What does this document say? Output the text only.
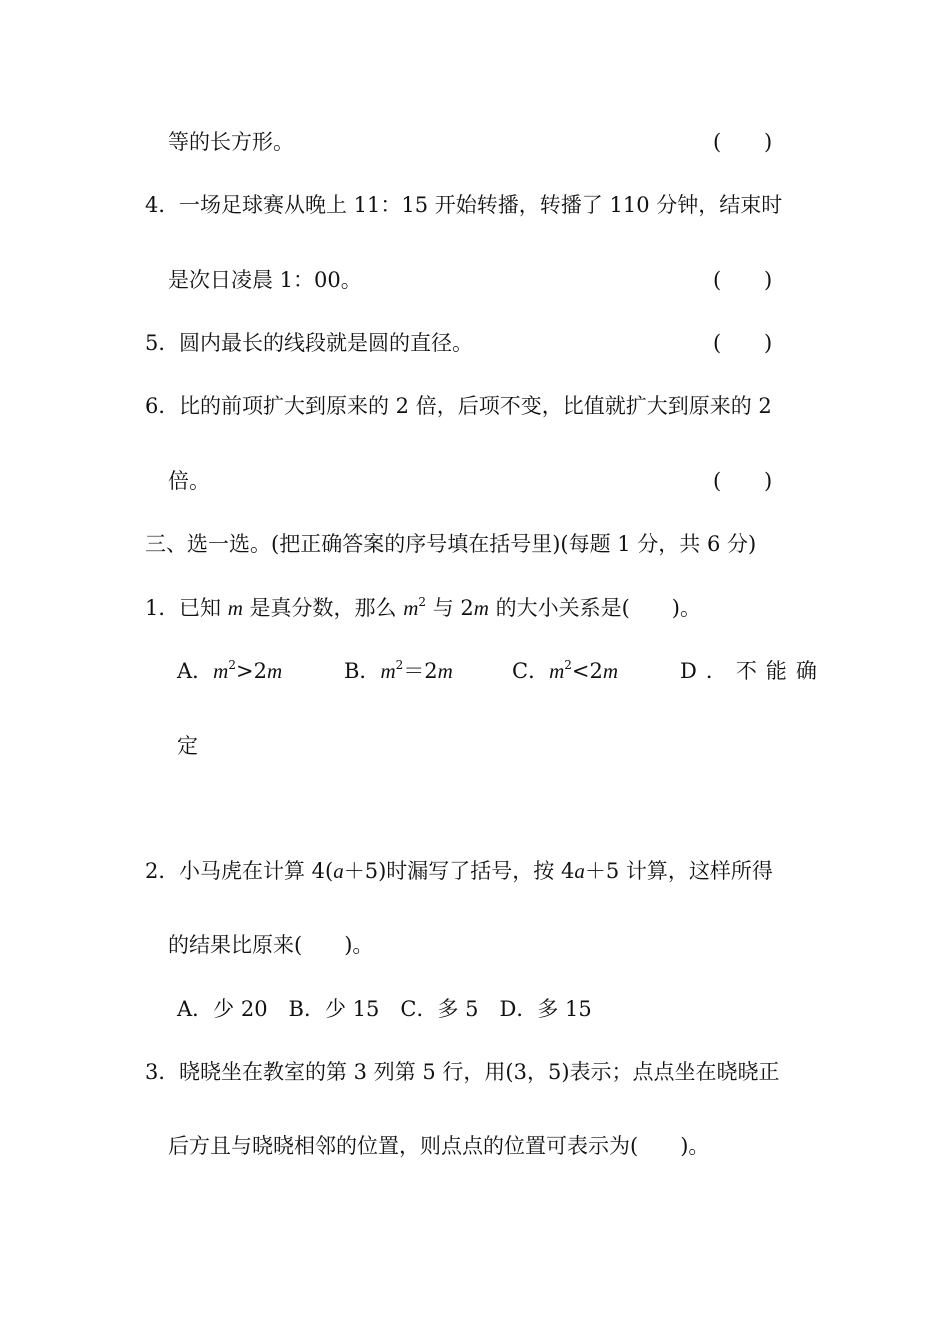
等的长方形。	( )
4． 一场足球赛从晚上 11：15 开始转播，转播了 110 分钟，结束时
是次日凌晨 1：00。	( )
5． 圆内最长的线段就是圆的直径。	( )
6． 比的前项扩大到原来的 2 倍，后项不变，比值就扩大到原来的 2
倍。	( )
三、选一选。(把正确答案的序号填在括号里)(每题 1 分，共 6 分)
1． 已知 m 是真分数，那么 $m^2$ 与 2m 的大小关系是(　　)。
A．$m^2>2m$	B．$m^2=2m$	C．$m^2<2m$	D．不能确
定
2． 小马虎在计算 4(a＋5)时漏写了括号，按 4a＋5 计算，这样所得
的结果比原来(　　)。
A．少 20　B．少 15　C．多 5　D．多 15
3． 晓晓坐在教室的第 3 列第 5 行，用(3，5)表示；点点坐在晓晓正
后方且与晓晓相邻的位置，则点点的位置可表示为(　　)。
